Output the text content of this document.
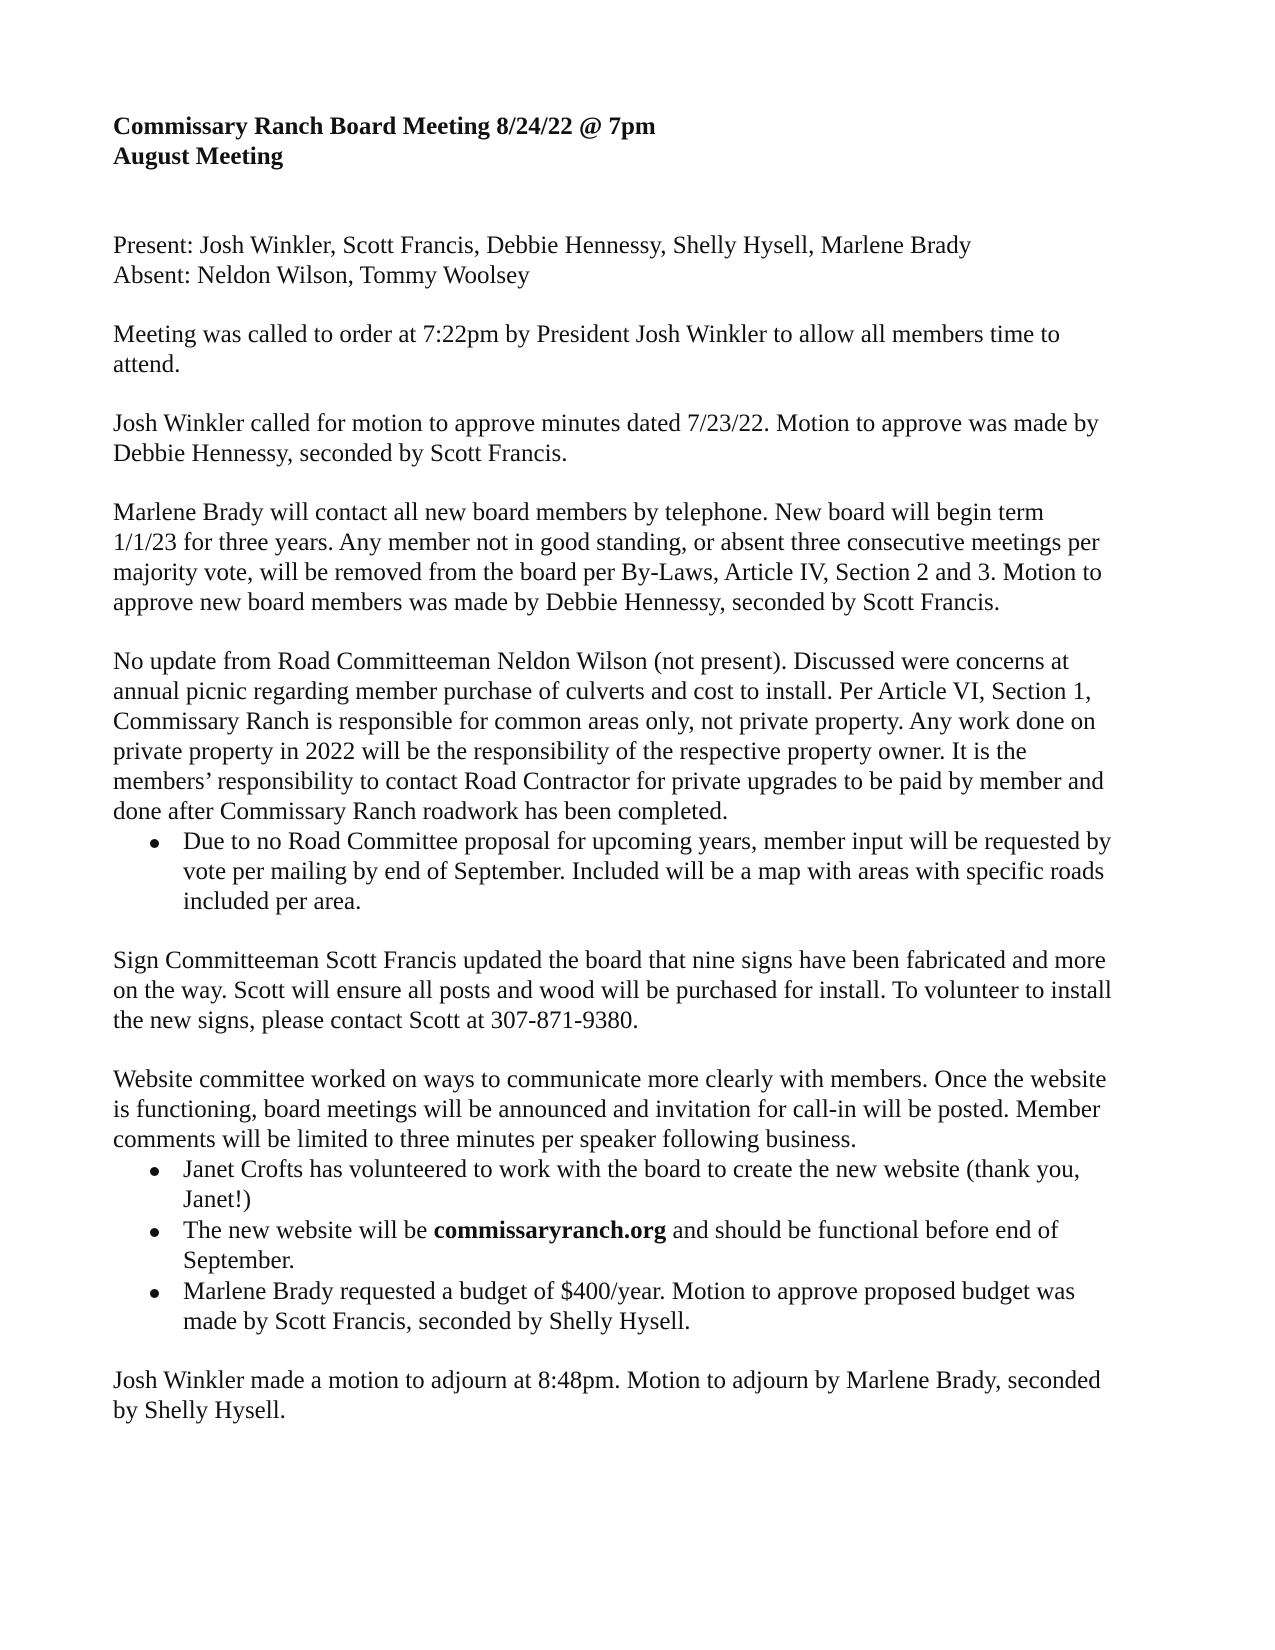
Commissary Ranch Board Meeting 8/24/22 @ 7pm
August Meeting
Present: Josh Winkler, Scott Francis, Debbie Hennessy, Shelly Hysell, Marlene Brady
Absent: Neldon Wilson, Tommy Woolsey

Meeting was called to order at 7:22pm by President Josh Winkler to allow all members time to attend.

Josh Winkler called for motion to approve minutes dated 7/23/22. Motion to approve was made by Debbie Hennessy, seconded by Scott Francis.

Marlene Brady will contact all new board members by telephone. New board will begin term 1/1/23 for three years. Any member not in good standing, or absent three consecutive meetings per majority vote, will be removed from the board per By-Laws, Article IV, Section 2 and 3. Motion to approve new board members was made by Debbie Hennessy, seconded by Scott Francis.

No update from Road Committeeman Neldon Wilson (not present). Discussed were concerns at annual picnic regarding member purchase of culverts and cost to install. Per Article VI, Section 1, Commissary Ranch is responsible for common areas only, not private property. Any work done on private property in 2022 will be the responsibility of the respective property owner. It is the members’ responsibility to contact Road Contractor for private upgrades to be paid by member and done after Commissary Ranch roadwork has been completed.

Due to no Road Committee proposal for upcoming years, member input will be requested by vote per mailing by end of September. Included will be a map with areas with specific roads included per area.

Sign Committeeman Scott Francis updated the board that nine signs have been fabricated and more on the way. Scott will ensure all posts and wood will be purchased for install. To volunteer to install the new signs, please contact Scott at 307-871-9380.

Website committee worked on ways to communicate more clearly with members. Once the website is functioning, board meetings will be announced and invitation for call-in will be posted. Member comments will be limited to three minutes per speaker following business.

Janet Crofts has volunteered to work with the board to create the new website (thank you, Janet!)
The new website will be commissaryranch.org and should be functional before end of September.
Marlene Brady requested a budget of $400/year. Motion to approve proposed budget was made by Scott Francis, seconded by Shelly Hysell.

Josh Winkler made a motion to adjourn at 8:48pm. Motion to adjourn by Marlene Brady, seconded by Shelly Hysell.
